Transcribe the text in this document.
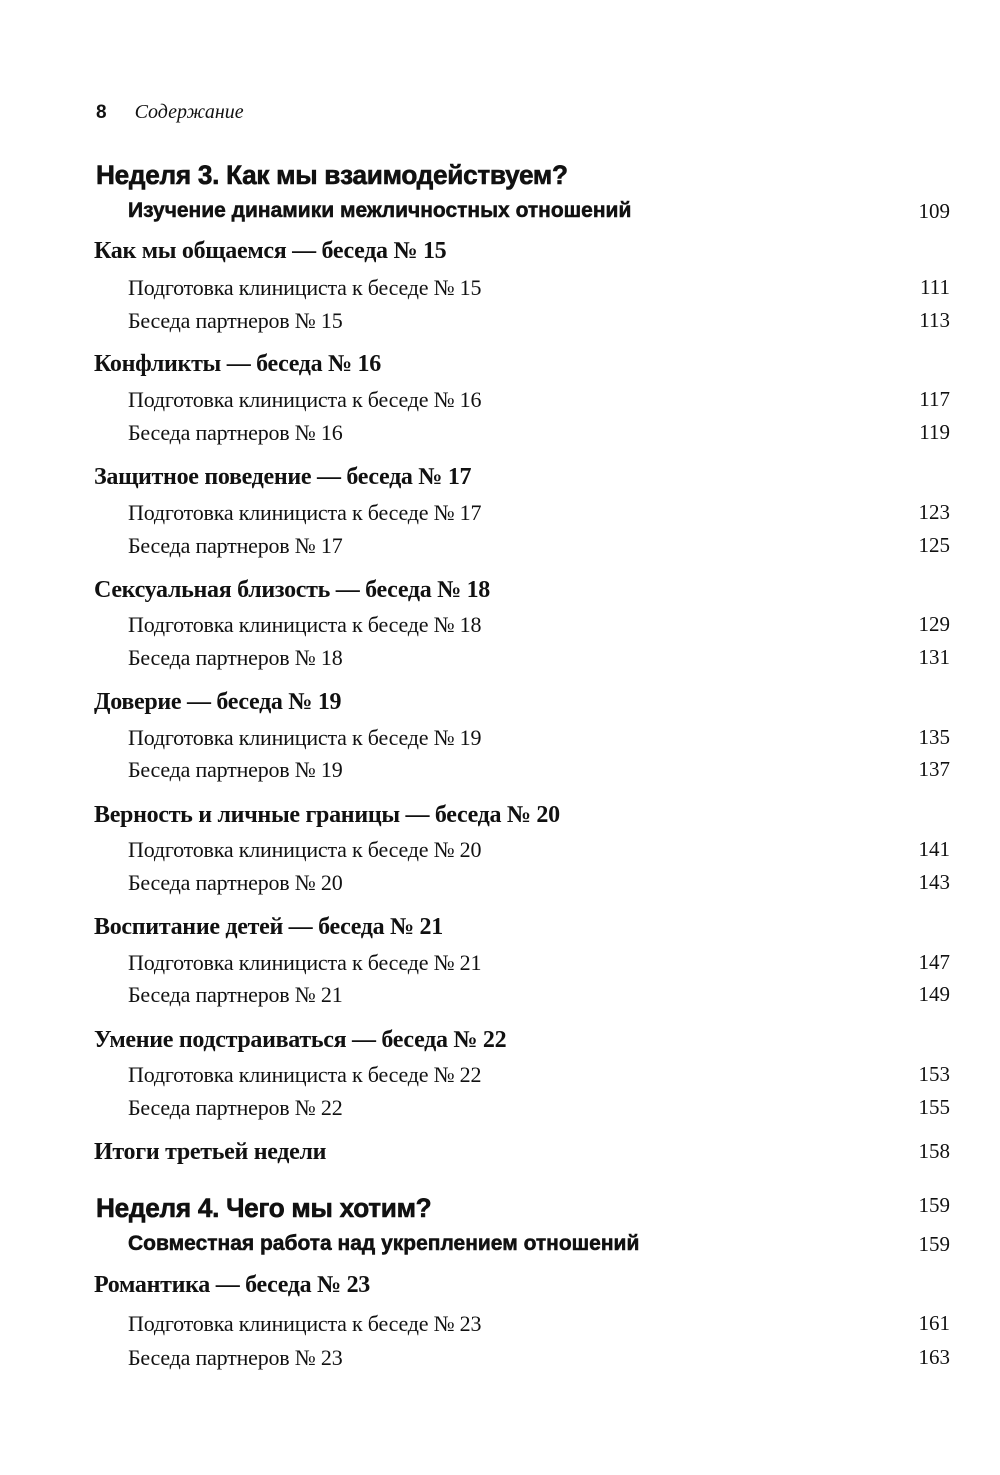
8 Содержание
Неделя 3. Как мы взаимодействуем?
Изучение динамики межличностных отношений	109
Как мы общаемся — беседа № 15
Подготовка клинициста к беседе № 15	111
Беседа партнеров № 15	113
Конфликты — беседа № 16
Подготовка клинициста к беседе № 16	117
Беседа партнеров № 16	119
Защитное поведение — беседа № 17
Подготовка клинициста к беседе № 17	123
Беседа партнеров № 17	125
Сексуальная близость — беседа № 18
Подготовка клинициста к беседе № 18	129
Беседа партнеров № 18	131
Доверие — беседа № 19
Подготовка клинициста к беседе № 19	135
Беседа партнеров № 19	137
Верность и личные границы — беседа № 20
Подготовка клинициста к беседе № 20	141
Беседа партнеров № 20	143
Воспитание детей — беседа № 21
Подготовка клинициста к беседе № 21	147
Беседа партнеров № 21	149
Умение подстраиваться — беседа № 22
Подготовка клинициста к беседе № 22	153
Беседа партнеров № 22	155
Итоги третьей недели	158
Неделя 4. Чего мы хотим?	159
Совместная работа над укреплением отношений	159
Романтика — беседа № 23
Подготовка клинициста к беседе № 23	161
Беседа партнеров № 23	163
